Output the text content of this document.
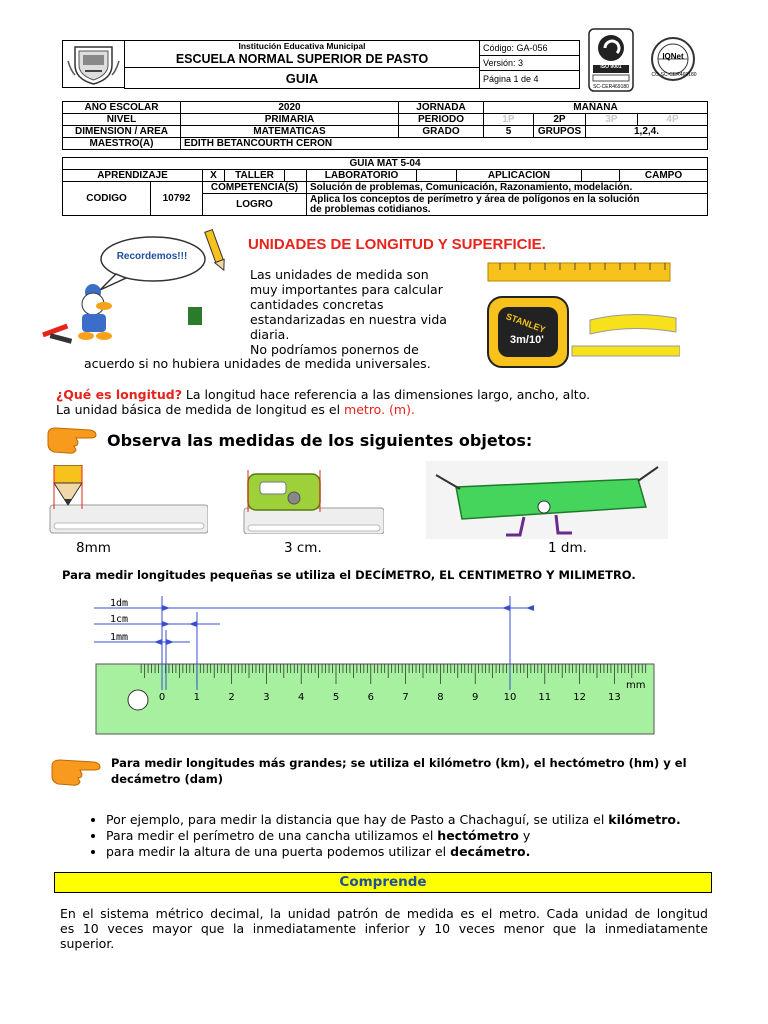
Institución Educativa Municipal
ESCUELA NORMAL SUPERIOR DE PASTO
GUIA
Código: GA-056
Versión: 3
Página 1 de 4
ISO 9001
SC-CER469180
IQNet
CO-SC-CER469180
AÑO ESCOLAR	2020	JORNADA	MAÑANA			
NIVEL	PRIMARIA	PERIODO	1P	2P	3P	4P
DIMENSION / AREA	MATEMATICAS	GRADO	5	GRUPOS	1,2,4.	
MAESTRO(A)	EDITH BETANCOURTH CERON					
GUIA MAT 5-04									
APRENDIZAJE		X	TALLER		LABORATORIO		APLICACION		CAMPO
CODIGO	10792	COMPETENCIA(S)			Solución de problemas, Comunicación, Razonamiento, modelación.				
		LOGRO			Aplica los conceptos de perímetro y área de polígonos en la solución
de problemas cotidianos.				
Recordemos!!!
UNIDADES DE LONGITUD Y SUPERFICIE.
Las unidades de medida son
muy importantes para calcular
cantidades concretas
estandarizadas en nuestra vida
diaria.
No podríamos ponernos de
acuerdo si no hubiera unidades de medida universales.
STANLEY
3m/10'
¿Qué es longitud? La longitud hace referencia a las dimensiones largo, ancho, alto.
La unidad básica de medida de longitud es el metro. (m).
Observa las medidas de los siguientes objetos:
8mm	3 cm.	1 dm.
Para medir longitudes pequeñas se utiliza el DECÍMETRO, EL CENTIMETRO Y MILIMETRO.
1dm
1cm
1mm
mm
0	1	2	3	4	5	6	7	8	9	10 11 12 13
Para medir longitudes más grandes; se utiliza el kilómetro (km), el hectómetro (hm) y el
decámetro (dam)
• Por ejemplo, para medir la distancia que hay de Pasto a Chachaguí, se utiliza el kilómetro.
• Para medir el perímetro de una cancha utilizamos el hectómetro y
• para medir la altura de una puerta podemos utilizar el decámetro.
Comprende
En el sistema métrico decimal, la unidad patrón de medida es el metro. Cada unidad de longitud
es 10 veces mayor que la inmediatamente inferior y 10 veces menor que la inmediatamente
superior.
